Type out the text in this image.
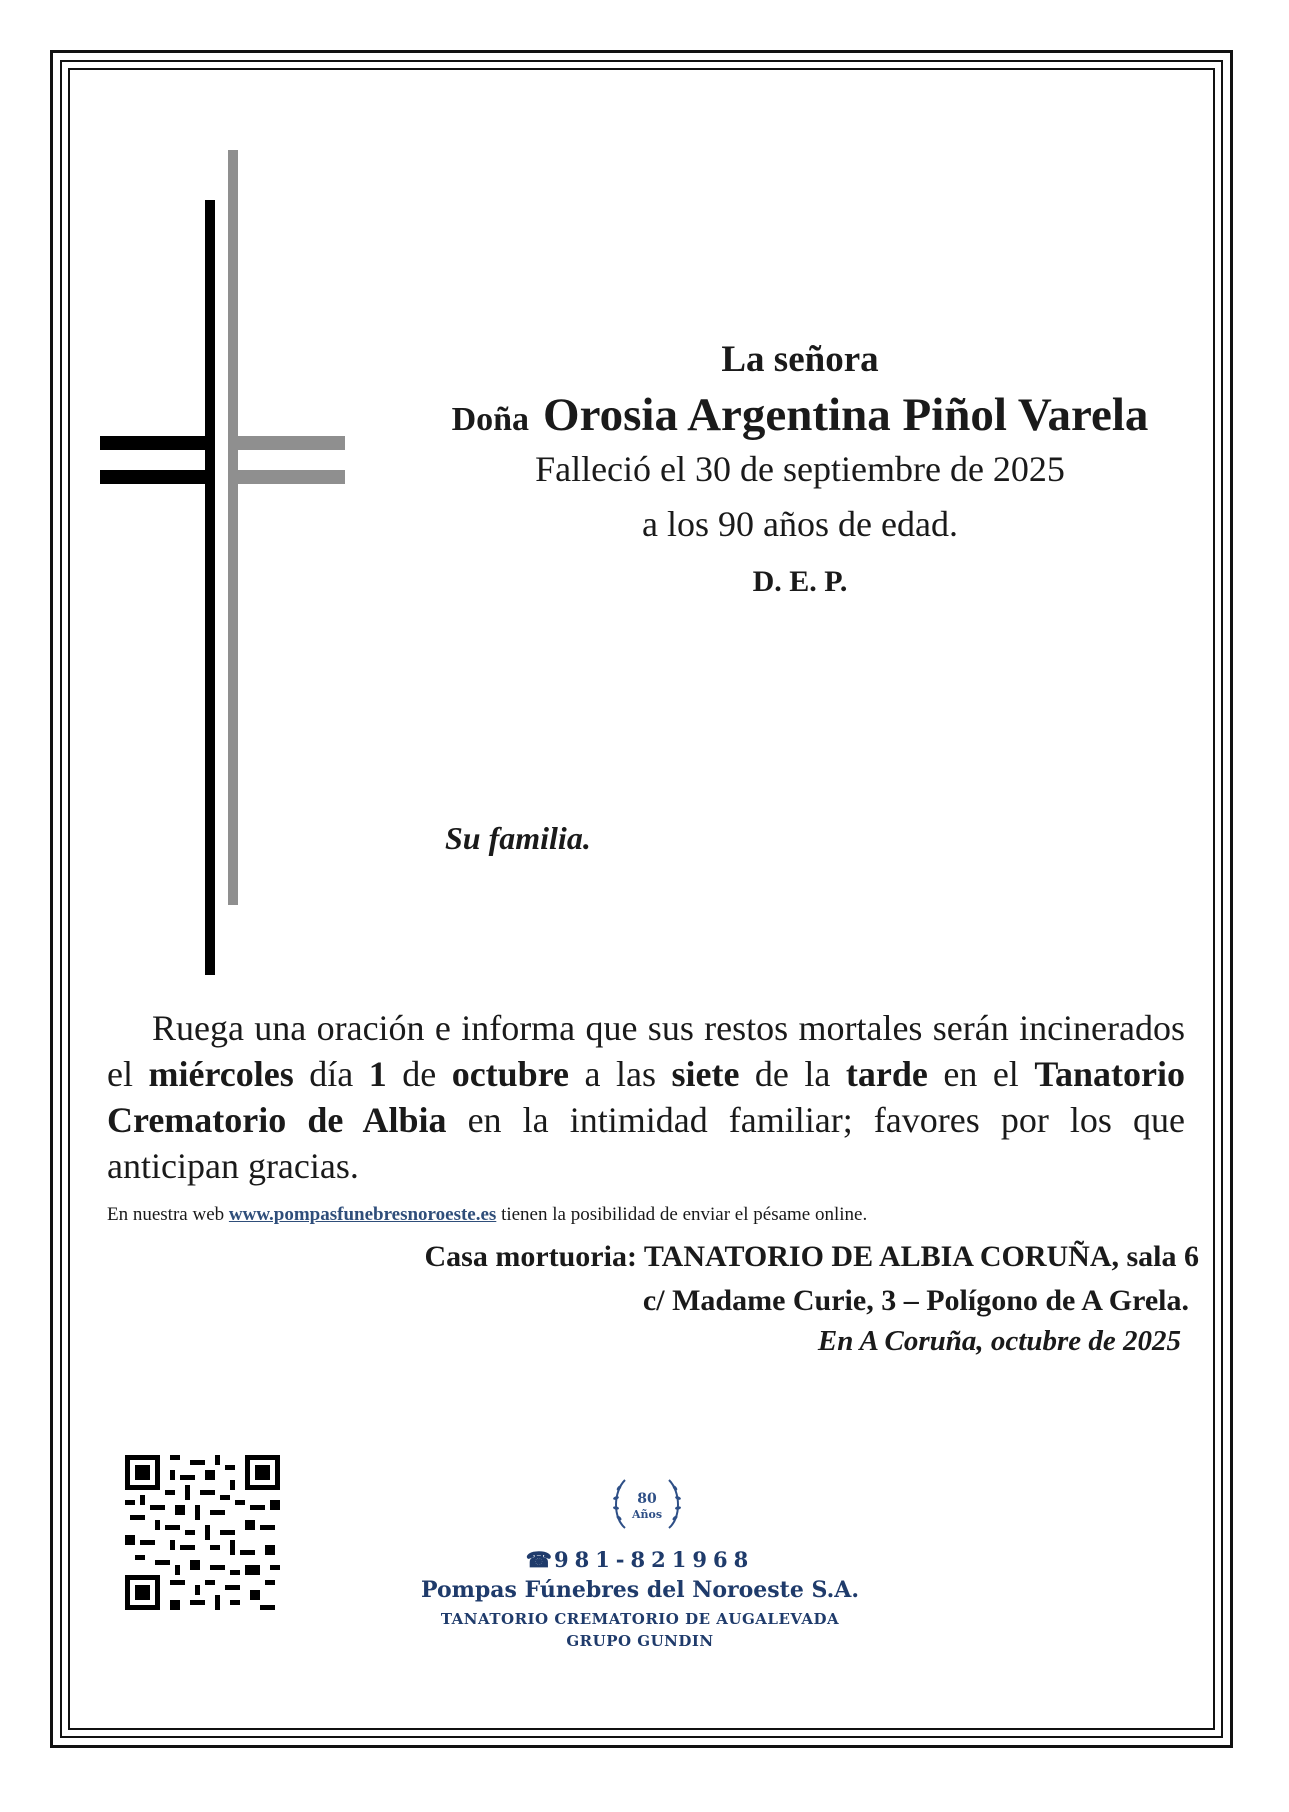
La señora
Doña Orosia Argentina Piñol Varela
Falleció el 30 de septiembre de 2025
a los 90 años de edad.
D. E. P.
Su familia.
Ruega una oración e informa que sus restos mortales serán incinerados el miércoles día 1 de octubre a las siete de la tarde en el Tanatorio Crematorio de Albia en la intimidad familiar; favores por los que anticipan gracias.
En nuestra web www.pompasfunebresnoroeste.es tienen la posibilidad de enviar el pésame online.
Casa mortuoria: TANATORIO DE ALBIA CORUÑA, sala 6
c/ Madame Curie, 3 – Polígono de A Grela.
En A Coruña, octubre de 2025
80
Años
☎981-821968
Pompas Fúnebres del Noroeste S.A.
TANATORIO CREMATORIO DE AUGALEVADA
GRUPO GUNDIN
